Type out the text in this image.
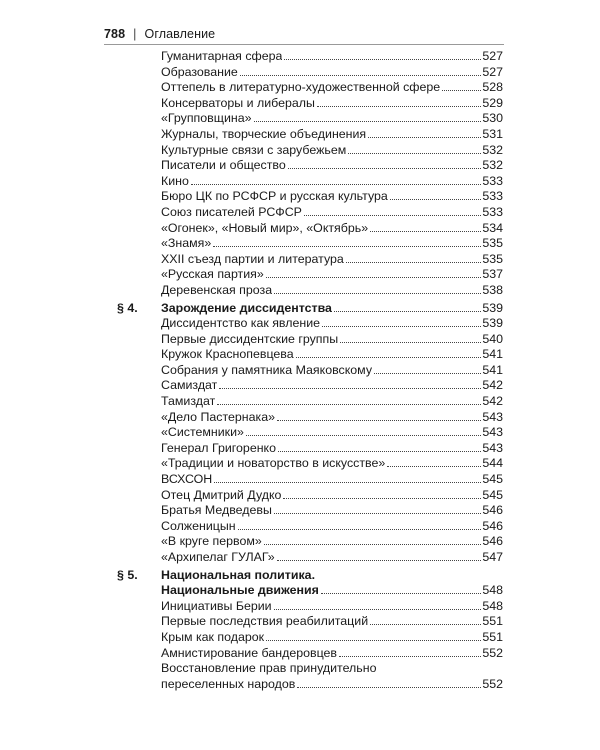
788 | Оглавление
Гуманитарная сфера	527
Образование	527
Оттепель в литературно-художественной сфере	528
Консерваторы и либералы	529
«Групповщина»	530
Журналы, творческие объединения	531
Культурные связи с зарубежьем	532
Писатели и общество	532
Кино	533
Бюро ЦК по РСФСР и русская культура	533
Союз писателей РСФСР	533
«Огонек», «Новый мир», «Октябрь»	534
«Знамя»	535
XXII съезд партии и литература	535
«Русская партия»	537
Деревенская проза	538
§ 4.	Зарождение диссидентства	539
Диссидентство как явление	539
Первые диссидентские группы	540
Кружок Краснопевцева	541
Собрания у памятника Маяковскому	541
Самиздат	542
Тамиздат	542
«Дело Пастернака»	543
«Системники»	543
Генерал Григоренко	543
«Традиции и новаторство в искусстве»	544
ВСХСОН	545
Отец Дмитрий Дудко	545
Братья Медведевы	546
Солженицын	546
«В круге первом»	546
«Архипелаг ГУЛАГ»	547
§ 5.	Национальная политика.
Национальные движения	548
Инициативы Берии	548
Первые последствия реабилитаций	551
Крым как подарок	551
Амнистирование бандеровцев	552
Восстановление прав принудительно
переселенных народов	552
